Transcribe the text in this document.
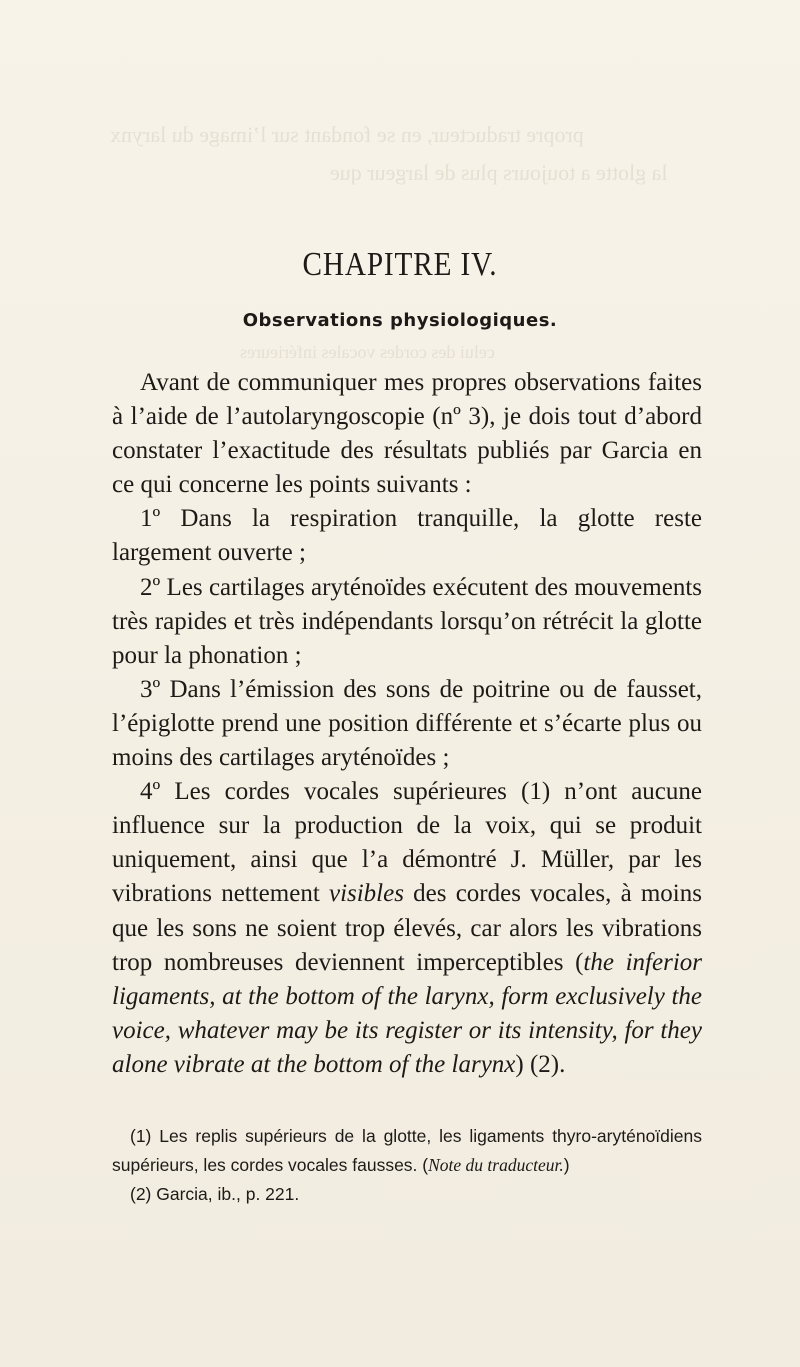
propre traducteur, en se fondant sur l’image du larynx
la glotte a toujours plus de largeur que
celui des cordes vocales inférieures
CHAPITRE IV.
Observations physiologiques.

Avant de communiquer mes propres observations faites à l’aide de l’autolaryngoscopie (nº 3), je dois tout d’abord constater l’exactitude des résultats publiés par Garcia en ce qui concerne les points suivants :

1º Dans la respiration tranquille, la glotte reste largement ouverte ;

2º Les cartilages aryténoïdes exécutent des mouvements très rapides et très indépendants lorsqu’on rétrécit la glotte pour la phonation ;

3º Dans l’émission des sons de poitrine ou de fausset, l’épiglotte prend une position différente et s’écarte plus ou moins des cartilages aryténoïdes ;

4º Les cordes vocales supérieures (1) n’ont aucune influence sur la production de la voix, qui se produit uniquement, ainsi que l’a démontré J. Müller, par les vibrations nettement visibles des cordes vocales, à moins que les sons ne soient trop élevés, car alors les vibrations trop nombreuses deviennent imperceptibles (the inferior ligaments, at the bottom of the larynx, form exclusively the voice, whatever may be its register or its intensity, for they alone vibrate at the bottom of the larynx) (2).

(1) Les replis supérieurs de la glotte, les ligaments thyro-aryténoïdiens supérieurs, les cordes vocales fausses. (Note du traducteur.)

(2) Garcia, ib., p. 221.
